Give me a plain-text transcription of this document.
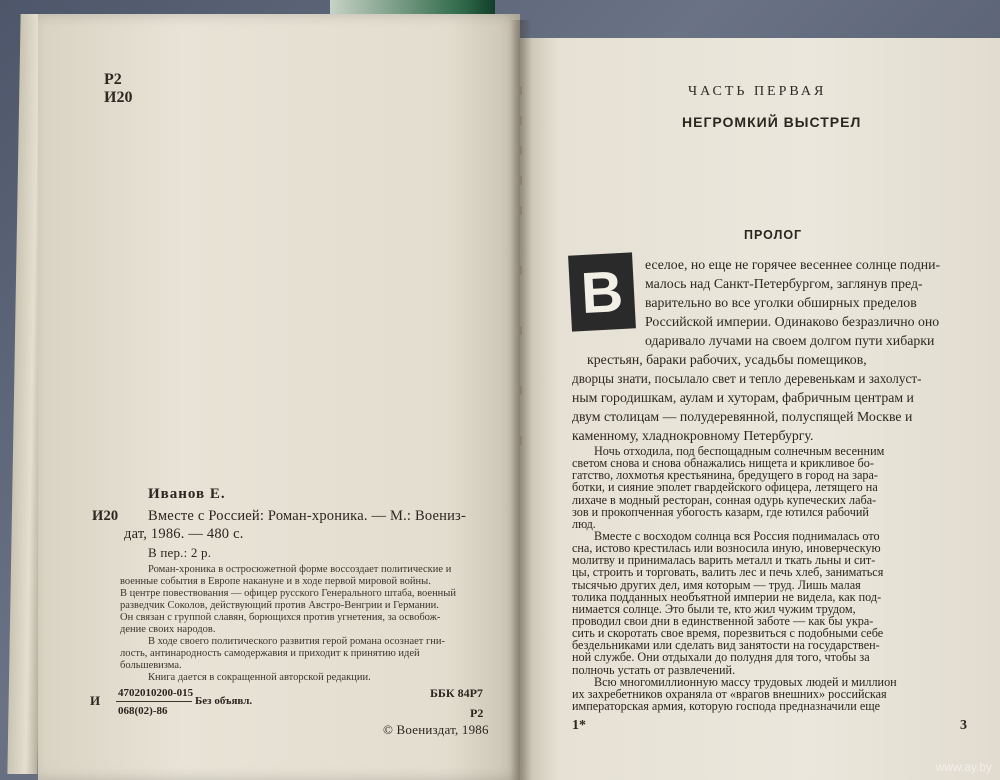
Р2
И20
Иванов Е.
И20 Вместе с Россией: Роман-хроника. — М.: Воениз-
дат, 1986. — 480 с.
В пер.: 2 р.
Роман-хроника в остросюжетной форме воссоздает политические и
военные события в Европе накануне и в ходе первой мировой войны.
В центре повествования — офицер русского Генерального штаба, военный
разведчик Соколов, действующий против Австро-Венгрии и Германии.
Он связан с группой славян, борющихся против угнетения, за освобож-
дение своих народов.
В ходе своего политического развития герой романа осознает гни-
лость, антинародность самодержавия и приходит к принятию идей
большевизма.
Книга дается в сокращенной авторской редакции.
И 4702010200-015
068(02)-86
Без объявл.
ББК 84Р7
Р2
© Воениздат, 1986
ЧАСТЬ ПЕРВАЯ
НЕГРОМКИЙ ВЫСТРЕЛ
ПРОЛОГ
В	еселое, но еще не горячее весеннее солнце подни-
малось над Санкт-Петербургом, заглянув пред-
варительно во все уголки обширных пределов
Российской империи. Одинаково безразлично оно
одаривало лучами на своем долгом пути хибарки
крестьян, бараки рабочих, усадьбы помещиков,
дворцы знати, посылало свет и тепло деревенькам и захолуст-
ным городишкам, аулам и хуторам, фабричным центрам и
двум столицам — полудеревянной, полуспящей Москве и
каменному, хладнокровному Петербургу.
Ночь отходила, под беспощадным солнечным весенним
светом снова и снова обнажались нищета и крикливое бо-
гатство, лохмотья крестьянина, бредущего в город на зара-
ботки, и сияние эполет гвардейского офицера, летящего на
лихаче в модный ресторан, сонная одурь купеческих лаба-
зов и прокопченная убогость казарм, где ютился рабочий
люд.
Вместе с восходом солнца вся Россия поднималась ото
сна, истово крестилась или возносила иную, иноверческую
молитву и принималась варить металл и ткать льны и сит-
цы, строить и торговать, валить лес и печь хлеб, заниматься
тысячью других дел, имя которым — труд. Лишь малая
толика подданных необъятной империи не видела, как под-
нимается солнце. Это были те, кто жил чужим трудом,
проводил свои дни в единственной заботе — как бы укра-
сить и скоротать свое время, порезвиться с подобными себе
бездельниками или сделать вид занятости на государствен-
ной службе. Они отдыхали до полудня для того, чтобы за
полночь устать от развлечений.
Всю многомиллионную массу трудовых людей и миллион
их захребетников охраняла от «врагов внешних» российская
императорская армия, которую господа предназначили еще
1*	3
www.ay.by
